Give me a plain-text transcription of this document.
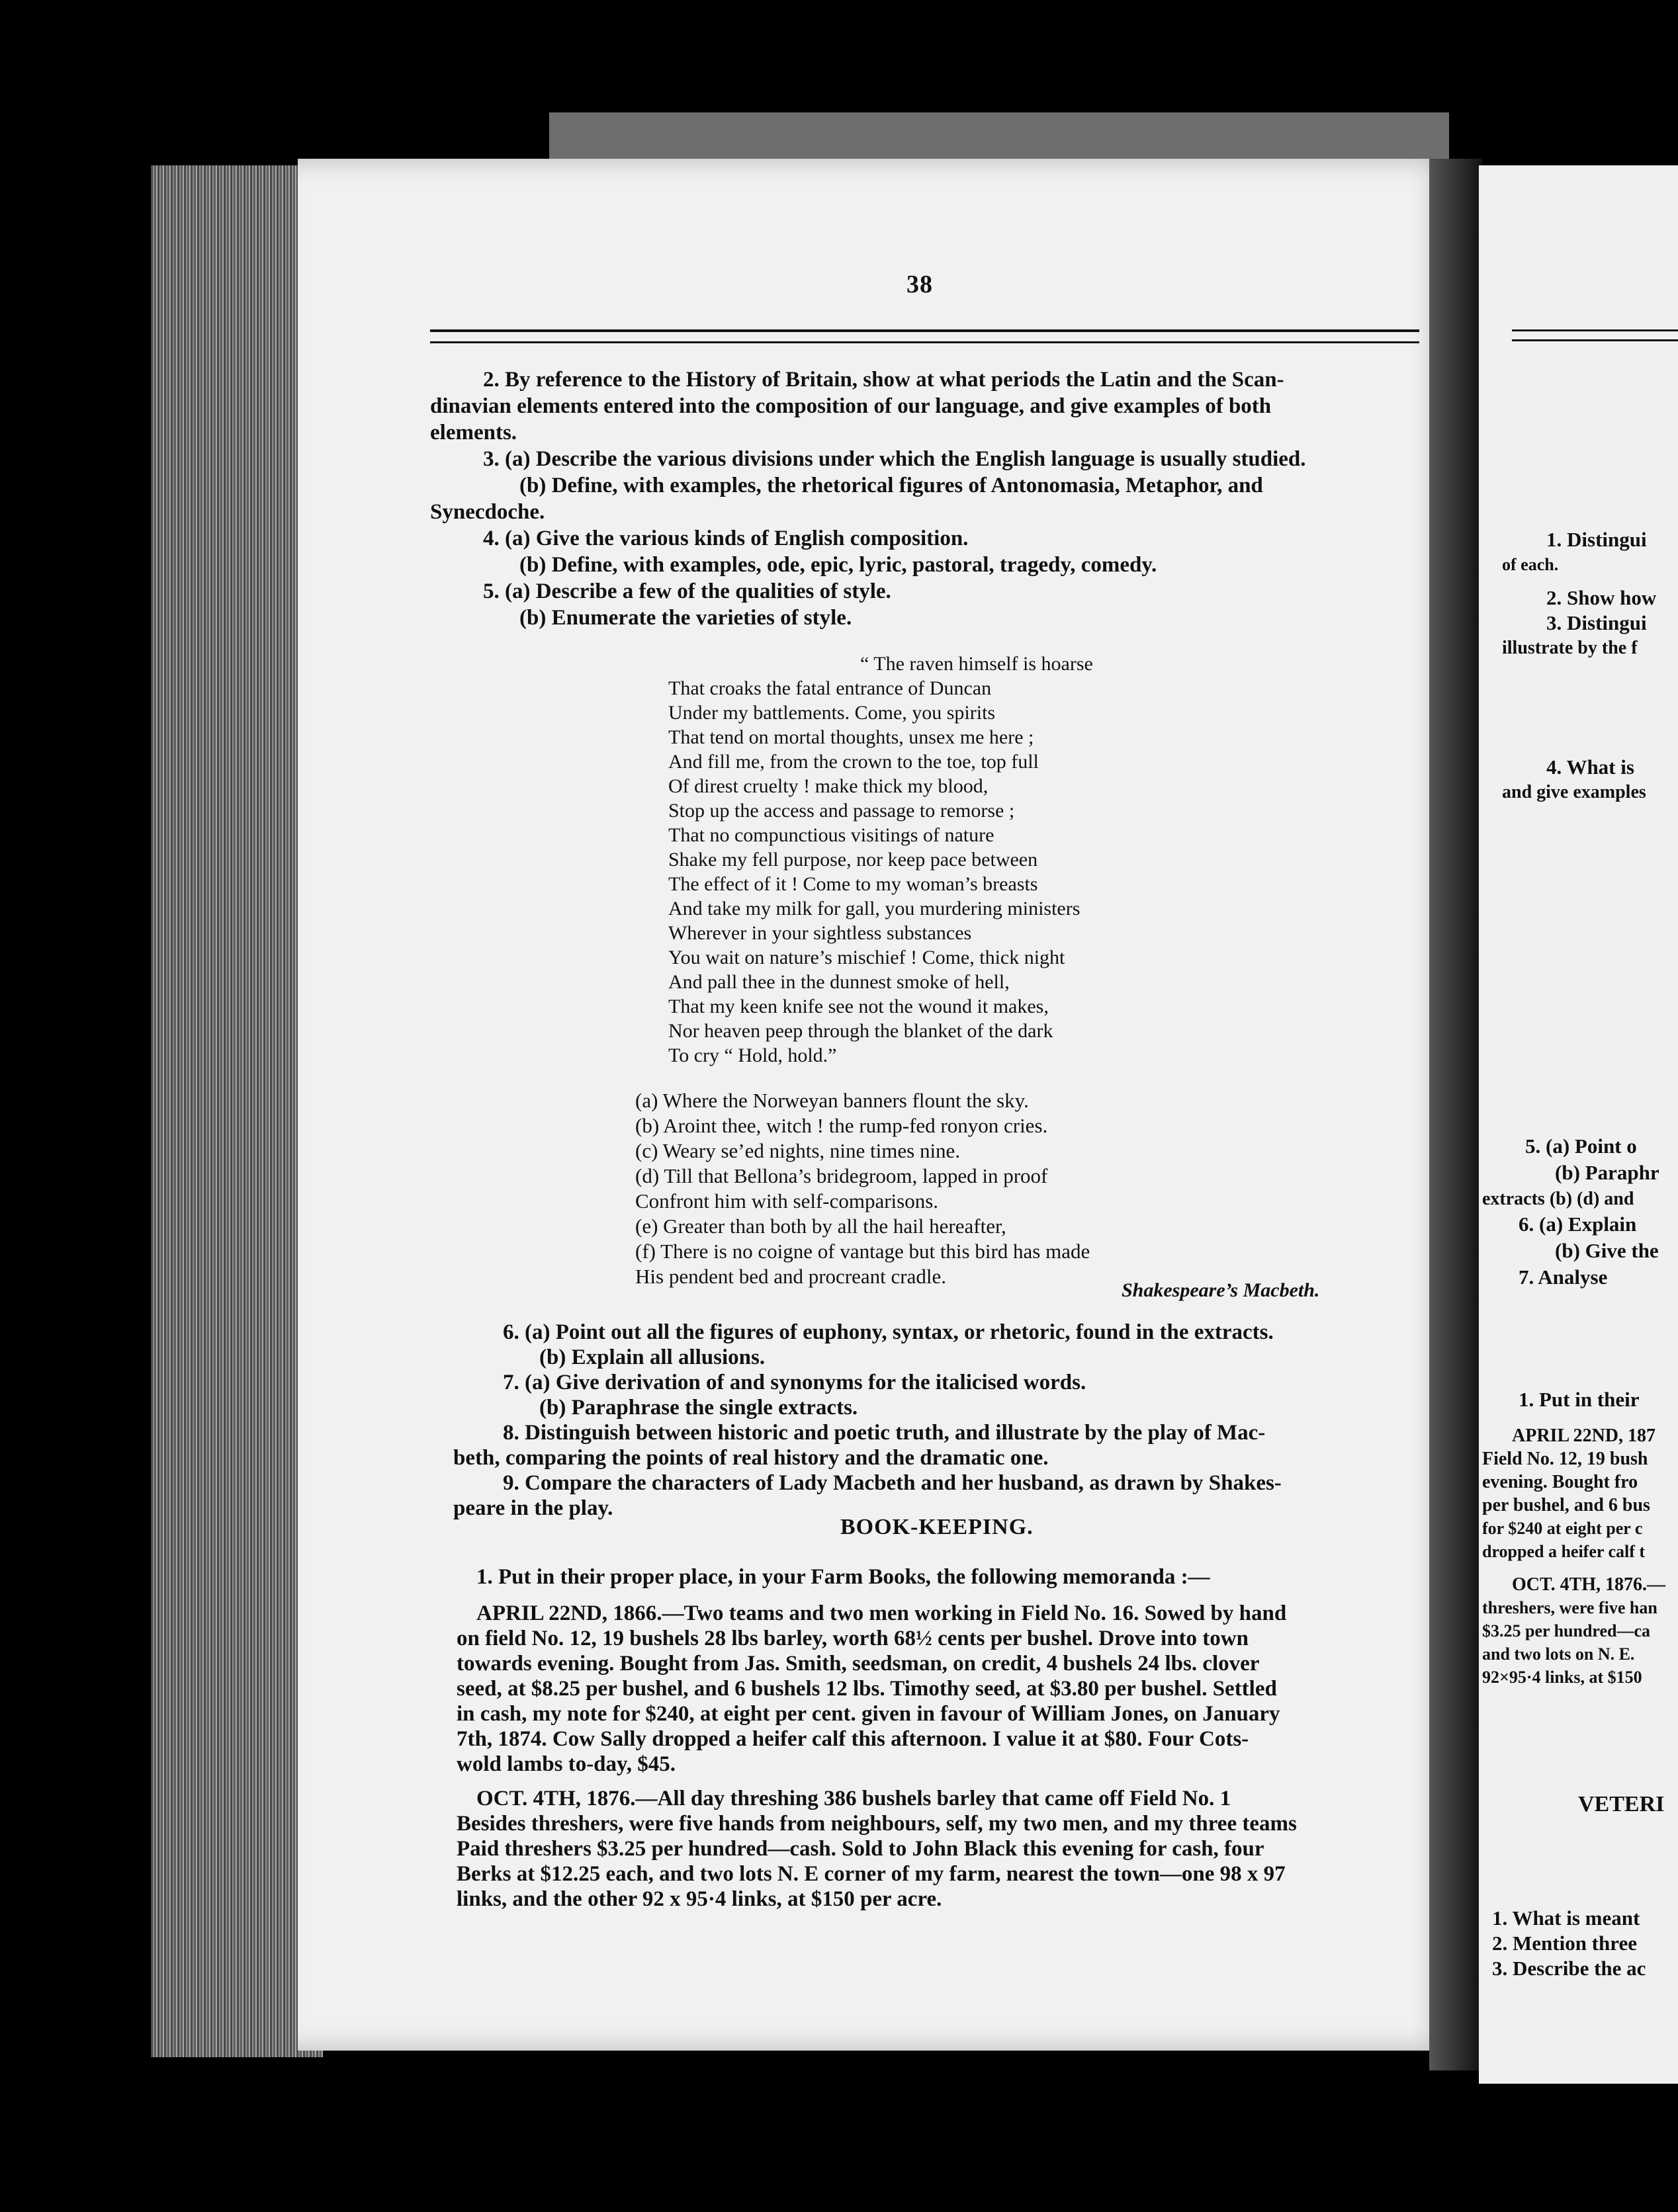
38
2. By reference to the History of Britain, show at what periods the Latin and the Scan-
dinavian elements entered into the composition of our language, and give examples of both
elements.
3. (a) Describe the various divisions under which the English language is usually studied.
(b) Define, with examples, the rhetorical figures of Antonomasia, Metaphor, and
Synecdoche.
4. (a) Give the various kinds of English composition.
(b) Define, with examples, ode, epic, lyric, pastoral, tragedy, comedy.
5. (a) Describe a few of the qualities of style.
(b) Enumerate the varieties of style.
“ The raven himself is hoarse
That croaks the fatal entrance of Duncan
Under my battlements. Come, you spirits
That tend on mortal thoughts, unsex me here ;
And fill me, from the crown to the toe, top full
Of direst cruelty ! make thick my blood,
Stop up the access and passage to remorse ;
That no compunctious visitings of nature
Shake my fell purpose, nor keep pace between
The effect of it ! Come to my woman’s breasts
And take my milk for gall, you murdering ministers
Wherever in your sightless substances
You wait on nature’s mischief ! Come, thick night
And pall thee in the dunnest smoke of hell,
That my keen knife see not the wound it makes,
Nor heaven peep through the blanket of the dark
To cry “ Hold, hold.”
(a) Where the Norweyan banners flount the sky.
(b) Aroint thee, witch ! the rump-fed ronyon cries.
(c) Weary se’ed nights, nine times nine.
(d) Till that Bellona’s bridegroom, lapped in proof
Confront him with self-comparisons.
(e) Greater than both by all the hail hereafter,
(f) There is no coigne of vantage but this bird has made
His pendent bed and procreant cradle.
Shakespeare’s Macbeth.
6. (a) Point out all the figures of euphony, syntax, or rhetoric, found in the extracts.
(b) Explain all allusions.
7. (a) Give derivation of and synonyms for the italicised words.
(b) Paraphrase the single extracts.
8. Distinguish between historic and poetic truth, and illustrate by the play of Mac-
beth, comparing the points of real history and the dramatic one.
9. Compare the characters of Lady Macbeth and her husband, as drawn by Shakes-
peare in the play.
BOOK-KEEPING.
1. Put in their proper place, in your Farm Books, the following memoranda :—
APRIL 22ND, 1866.—Two teams and two men working in Field No. 16. Sowed by hand
on field No. 12, 19 bushels 28 lbs barley, worth 68½ cents per bushel. Drove into town
towards evening. Bought from Jas. Smith, seedsman, on credit, 4 bushels 24 lbs. clover
seed, at $8.25 per bushel, and 6 bushels 12 lbs. Timothy seed, at $3.80 per bushel. Settled
in cash, my note for $240, at eight per cent. given in favour of William Jones, on January
7th, 1874. Cow Sally dropped a heifer calf this afternoon. I value it at $80. Four Cots-
wold lambs to-day, $45.
OCT. 4TH, 1876.—All day threshing 386 bushels barley that came off Field No. 1
Besides threshers, were five hands from neighbours, self, my two men, and my three teams
Paid threshers $3.25 per hundred—cash. Sold to John Black this evening for cash, four
Berks at $12.25 each, and two lots N. E corner of my farm, nearest the town—one 98 x 97
links, and the other 92 x 95·4 links, at $150 per acre.
1. Distingui
of each.
2. Show how
3. Distingui
illustrate by the f
4. What is
and give examples
5. (a) Point o
(b) Paraphr
extracts (b) (d) and
6. (a) Explain
(b) Give the
7. Analyse
1. Put in their
APRIL 22ND, 187
Field No. 12, 19 bush
evening. Bought fro
per bushel, and 6 bus
for $240 at eight per c
dropped a heifer calf t
OCT. 4TH, 1876.—
threshers, were five han
$3.25 per hundred—ca
and two lots on N. E.
92×95·4 links, at $150
VETERI
1. What is meant
2. Mention three
3. Describe the ac
